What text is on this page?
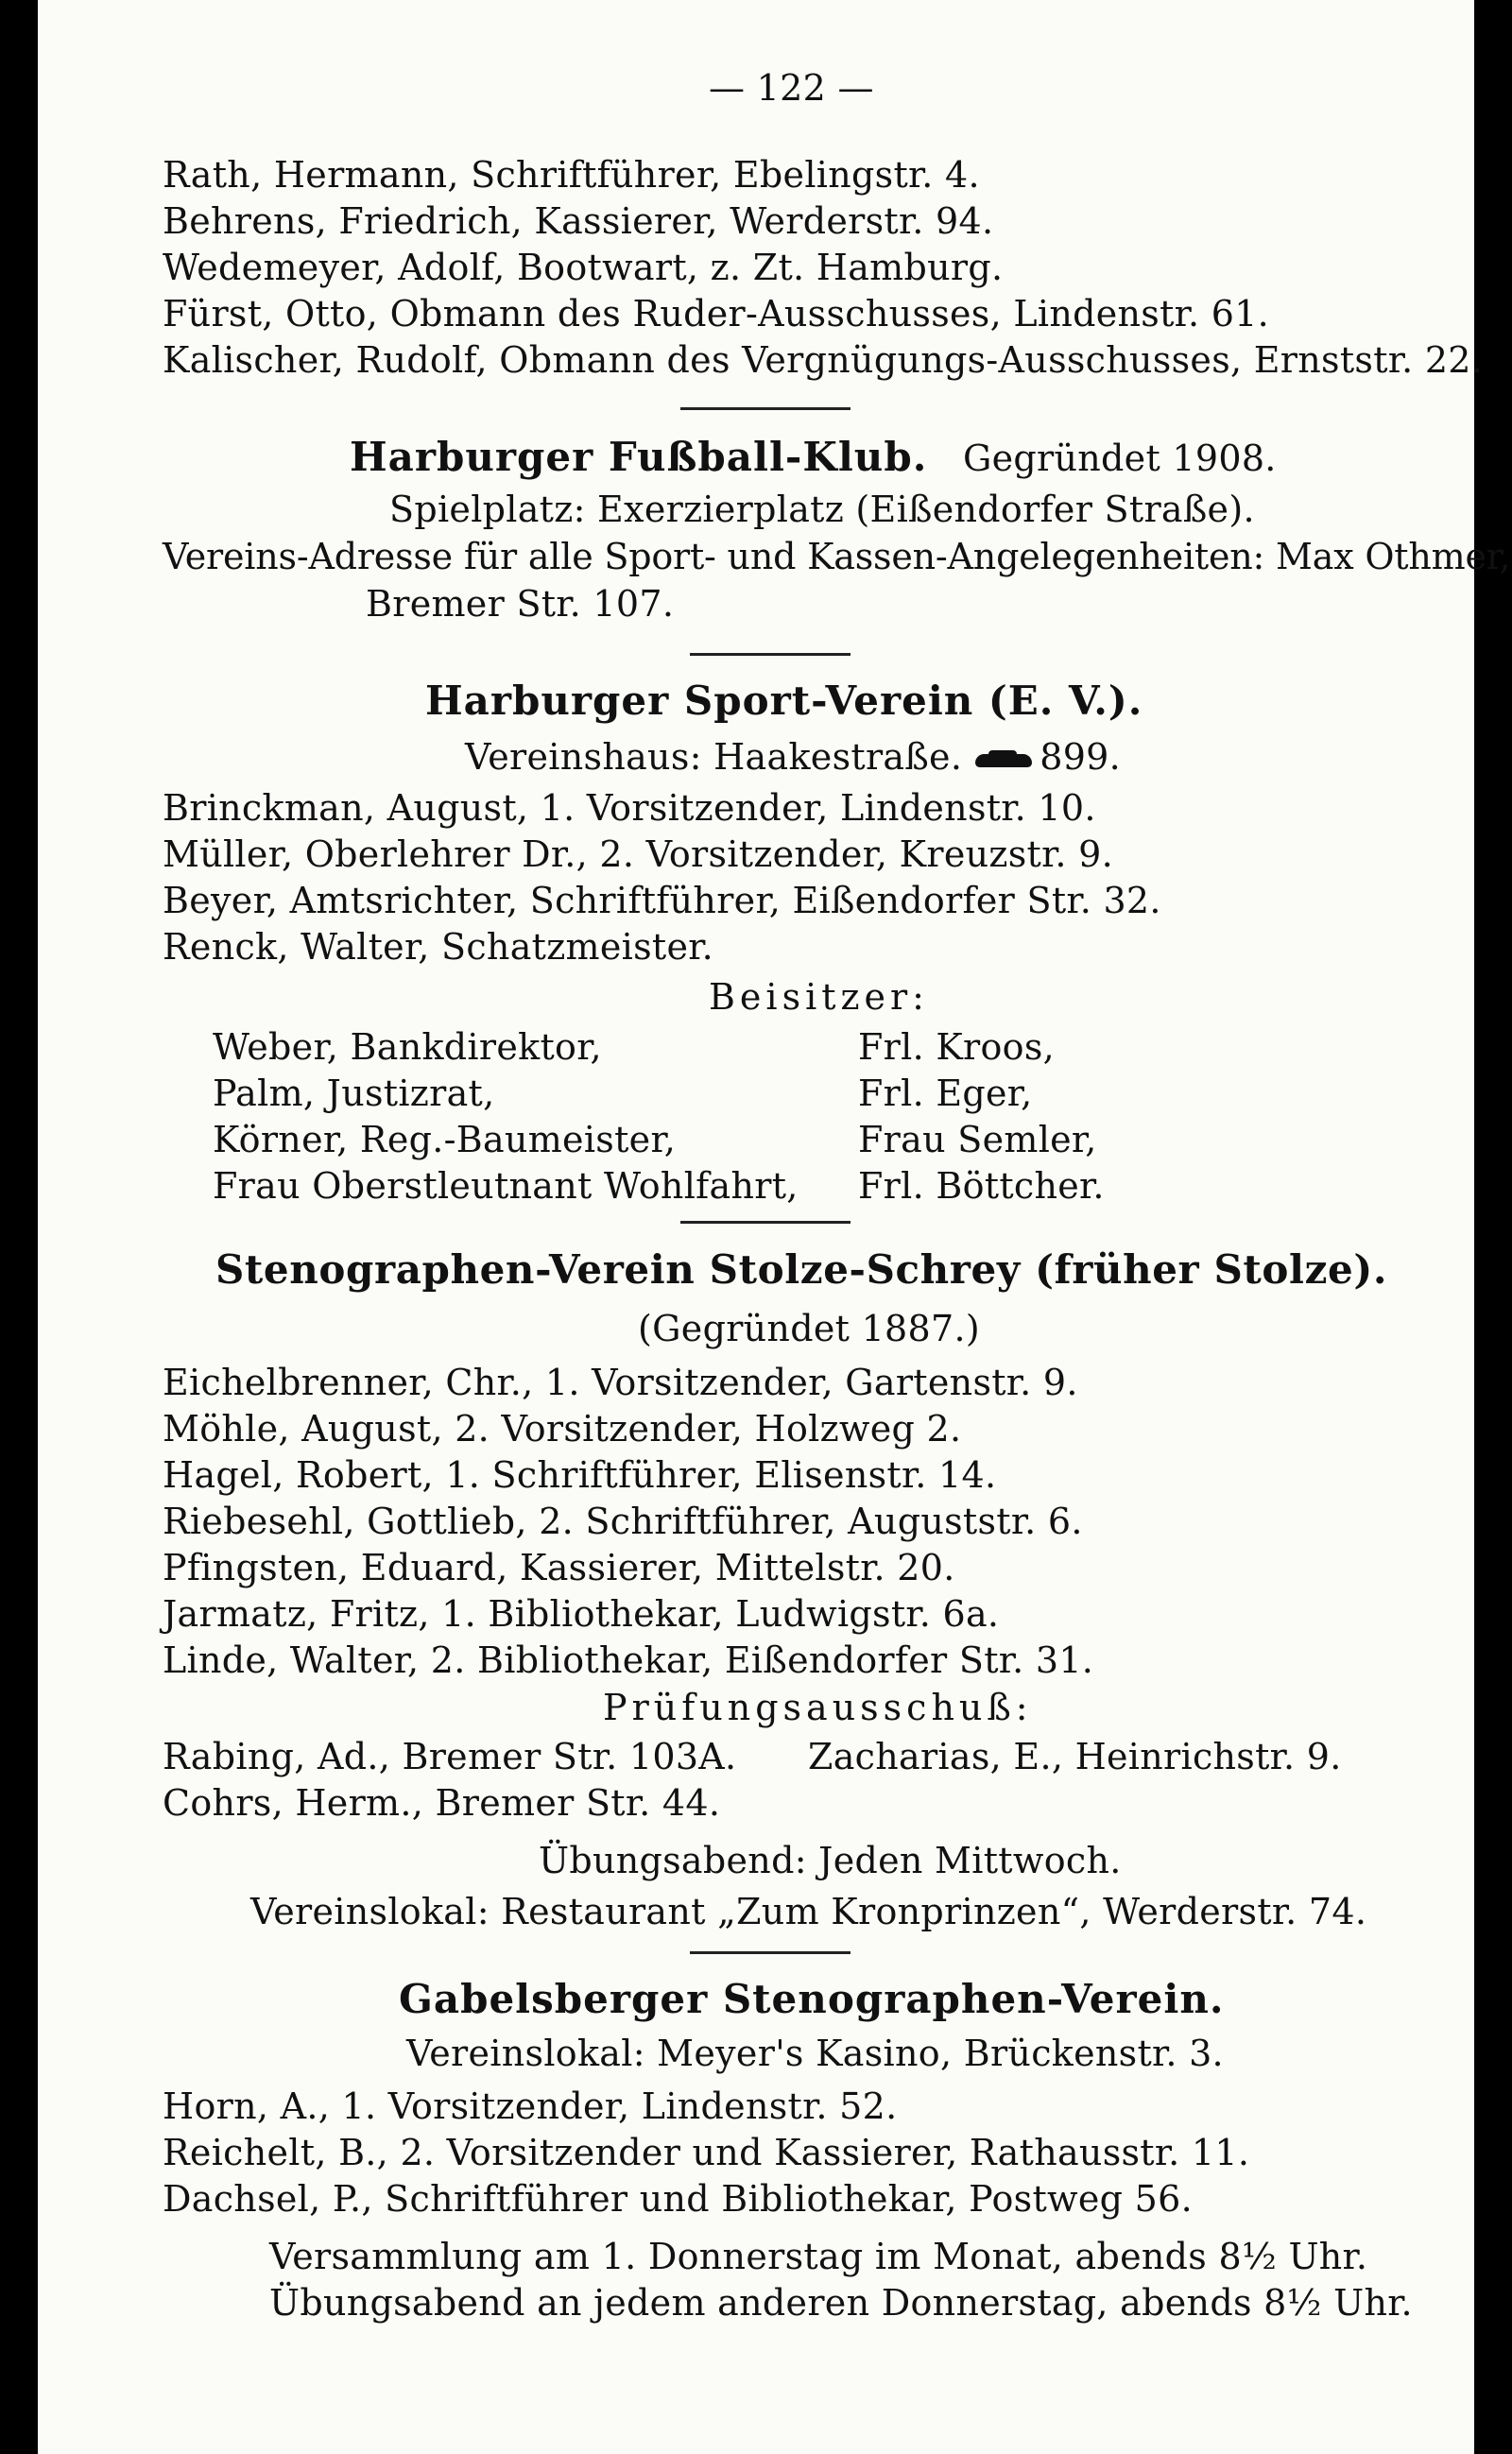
— 122 —
Rath, Hermann, Schriftführer, Ebelingstr. 4.
Behrens, Friedrich, Kassierer, Werderstr. 94.
Wedemeyer, Adolf, Bootwart, z. Zt. Hamburg.
Fürst, Otto, Obmann des Ruder-Ausschusses, Lindenstr. 61.
Kalischer, Rudolf, Obmann des Vergnügungs-Ausschusses, Ernststr. 22.
Harburger Fußball-Klub. Gegründet 1908.
Spielplatz: Exerzierplatz (Eißendorfer Straße).
Vereins-Adresse für alle Sport- und Kassen-Angelegenheiten: Max Othmer,
Bremer Str. 107.
Harburger Sport-Verein (E. V.).
Vereinshaus: Haakestraße. 899.
Brinckman, August, 1. Vorsitzender, Lindenstr. 10.
Müller, Oberlehrer Dr., 2. Vorsitzender, Kreuzstr. 9.
Beyer, Amtsrichter, Schriftführer, Eißendorfer Str. 32.
Renck, Walter, Schatzmeister.
Beisitzer:
Weber, Bankdirektor,
Palm, Justizrat,
Körner, Reg.-Baumeister,
Frau Oberstleutnant Wohlfahrt,
Frl. Kroos,
Frl. Eger,
Frau Semler,
Frl. Böttcher.
Stenographen-Verein Stolze-Schrey (früher Stolze).
(Gegründet 1887.)
Eichelbrenner, Chr., 1. Vorsitzender, Gartenstr. 9.
Möhle, August, 2. Vorsitzender, Holzweg 2.
Hagel, Robert, 1. Schriftführer, Elisenstr. 14.
Riebesehl, Gottlieb, 2. Schriftführer, Auguststr. 6.
Pfingsten, Eduard, Kassierer, Mittelstr. 20.
Jarmatz, Fritz, 1. Bibliothekar, Ludwigstr. 6a.
Linde, Walter, 2. Bibliothekar, Eißendorfer Str. 31.
Prüfungsausschuß:
Rabing, Ad., Bremer Str. 103A. Zacharias, E., Heinrichstr. 9.
Cohrs, Herm., Bremer Str. 44.
Übungsabend: Jeden Mittwoch.
Vereinslokal: Restaurant „Zum Kronprinzen“, Werderstr. 74.
Gabelsberger Stenographen-Verein.
Vereinslokal: Meyer's Kasino, Brückenstr. 3.
Horn, A., 1. Vorsitzender, Lindenstr. 52.
Reichelt, B., 2. Vorsitzender und Kassierer, Rathausstr. 11.
Dachsel, P., Schriftführer und Bibliothekar, Postweg 56.
Versammlung am 1. Donnerstag im Monat, abends 8½ Uhr.
Übungsabend an jedem anderen Donnerstag, abends 8½ Uhr.
